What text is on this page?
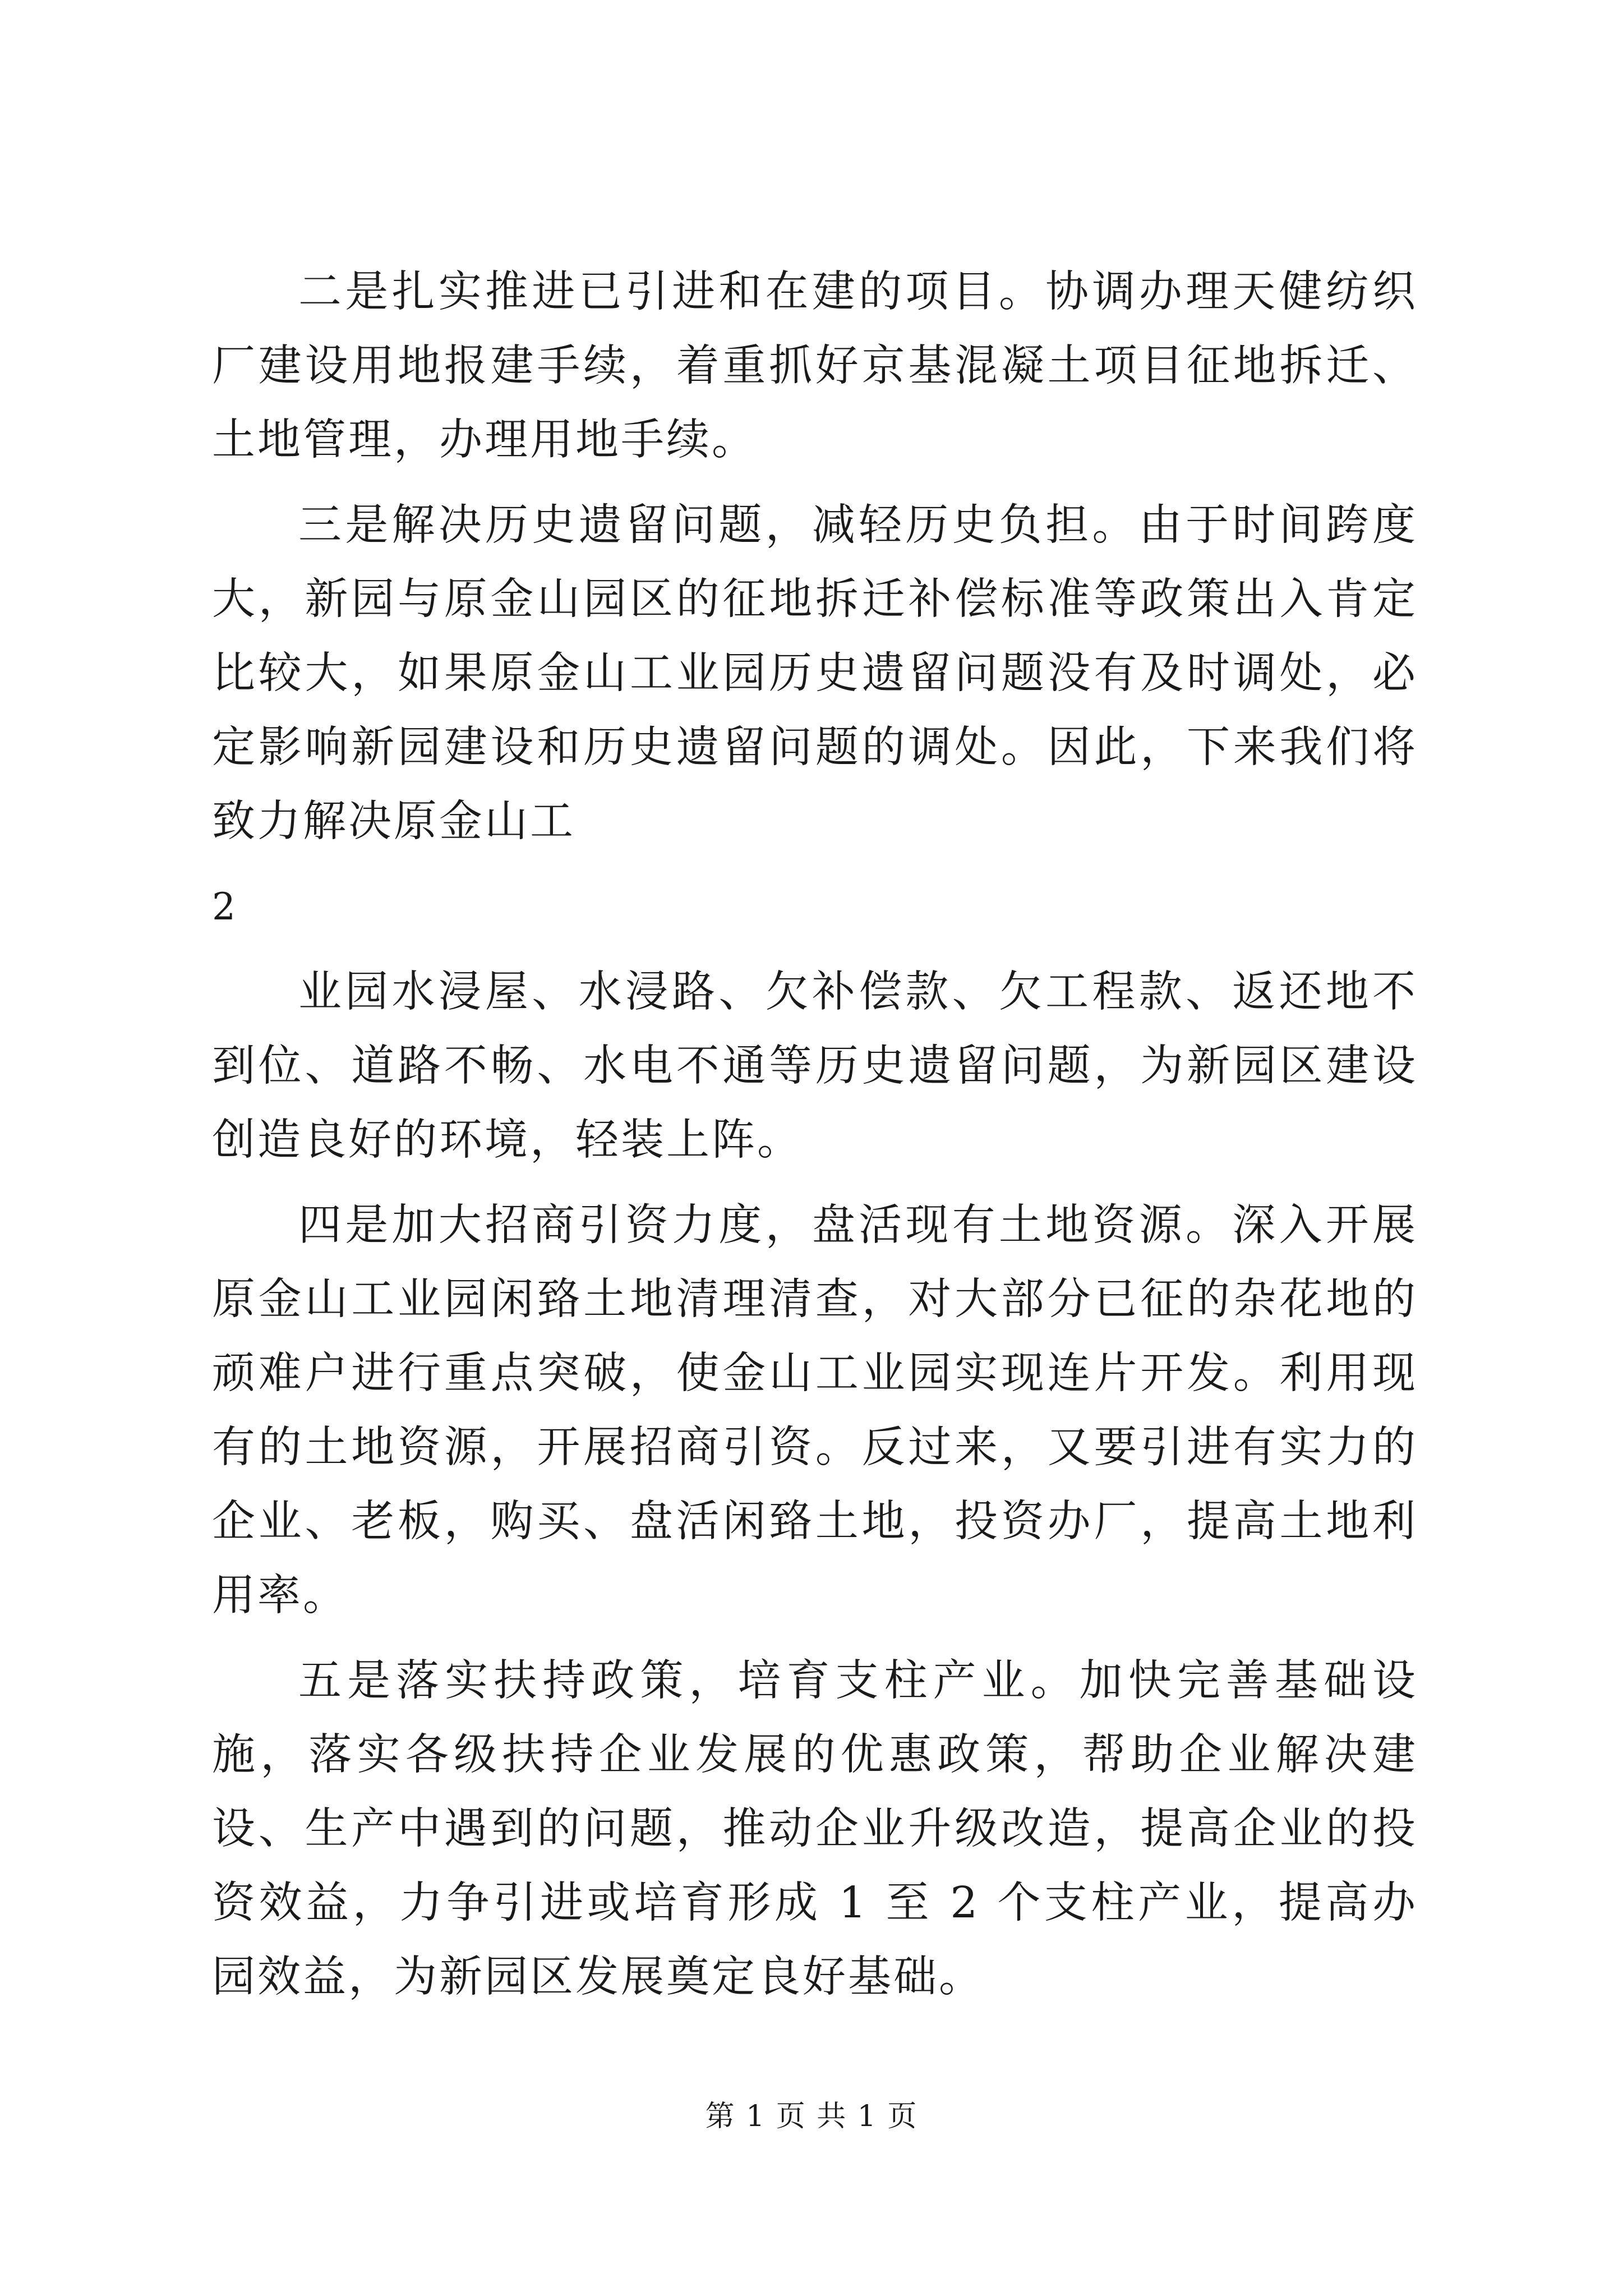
二是扎实推进已引进和在建的项目。协调办理天健纺织厂建设用地报建手续，着重抓好京基混凝土项目征地拆迁、土地管理，办理用地手续。

三是解决历史遗留问题，减轻历史负担。由于时间跨度大，新园与原金山园区的征地拆迁补偿标准等政策出入肯定比较大，如果原金山工业园历史遗留问题没有及时调处，必定影响新园建设和历史遗留问题的调处。因此，下来我们将致力解决原金山工

2

业园水浸屋、水浸路、欠补偿款、欠工程款、返还地不到位、道路不畅、水电不通等历史遗留问题，为新园区建设创造良好的环境，轻装上阵。

四是加大招商引资力度，盘活现有土地资源。深入开展原金山工业园闲臵土地清理清查，对大部分已征的杂花地的顽难户进行重点突破，使金山工业园实现连片开发。利用现有的土地资源，开展招商引资。反过来，又要引进有实力的企业、老板，购买、盘活闲臵土地，投资办厂，提高土地利用率。

五是落实扶持政策，培育支柱产业。加快完善基础设施，落实各级扶持企业发展的优惠政策，帮助企业解决建设、生产中遇到的问题，推动企业升级改造，提高企业的投资效益，力争引进或培育形成 1 至 2 个支柱产业，提高办园效益，为新园区发展奠定良好基础。

第 1 页 共 1 页
